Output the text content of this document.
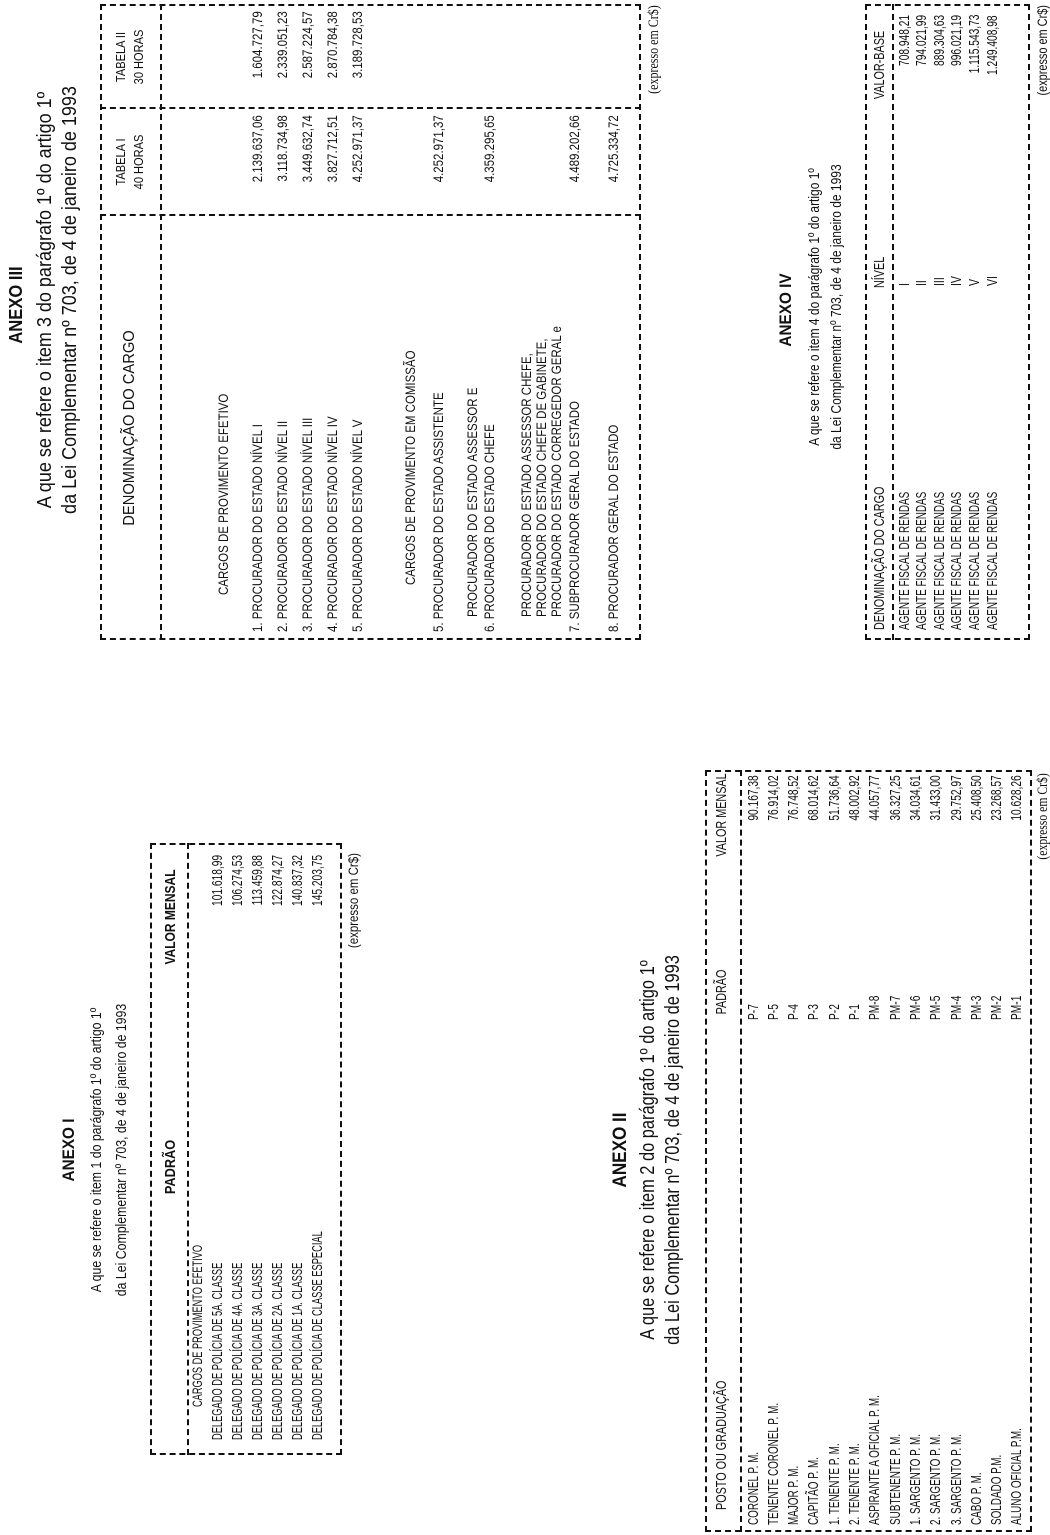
ANEXO I A que se refere o item 1 do parágrafo 1º do artigo 1º da Lei Complementar nº 703, de 4 de janeiro de 1993 PADRÃO
VALOR MENSAL
CARGOS DE PROVIMENTO EFETIVO DELEGADO DE POLÍCIA DE 5A. CLASSE
101.618,99
DELEGADO DE POLÍCIA DE 4A. CLASSE
106.274,53
DELEGADO DE POLÍCIA DE 3A. CLASSE
113.459,88
DELEGADO DE POLÍCIA DE 2A. CLASSE
122.874,27
DELEGADO DE POLÍCIA DE 1A. CLASSE
140.837,32
DELEGADO DE POLÍCIA DE CLASSE ESPECIAL
145.203,75 (expresso em Cr$)
ANEXO II A que se refere o item 2 do parágrafo 1º do artigo 1º da Lei Complementar nº 703, de 4 de janeiro de 1993
POSTO OU GRADUAÇÃO
PADRÃO
VALOR MENSAL
CORONEL P. M.
P-7
90.167,38
TENENTE CORONEL P. M.
P-5
76.914,02
MAJOR P. M.
P-4
76.748,52
CAPITÃO P. M.
P-3
68.014,62
1. TENENTE P. M.
P-2
51.736,64
2. TENENTE P. M.
P-1
48.002,92
ASPIRANTE A OFICIAL P. M.
PM-8
44.057,77
SUBTENENTE P. M.
PM-7
36.327,25
1. SARGENTO P. M.
PM-6
34.034,61
2. SARGENTO P. M.
PM-5
31.433,00
3. SARGENTO P. M.
PM-4
29.752,97
CABO P. M.
PM-3
25.408,50
SOLDADO P.M.
PM-2
23.268,57
ALUNO OFICIAL P.M.
PM-1
10.628,26 (expresso em Cr$)
ANEXO III A que se refere o item 3 do parágrafo 1º do artigo 1º da Lei Complementar nº 703, de 4 de janeiro de 1993	DENOMINAÇÃO DO CARGO
TABELA I 40 HORAS
TABELA II 30 HORAS
CARGOS DE PROVIMENTO EFETIVO 1. PROCURADOR DO ESTADO NÍVEL I
2.139.637,06
1.604.727,79
2. PROCURADOR DO ESTADO NÍVEL II
3.118.734,98
2.339.051,23
3. PROCURADOR DO ESTADO NÍVEL III
3.449.632,74
2.587.224,57
4. PROCURADOR DO ESTADO NÍVEL IV
3.827.712,51
2.870.784,38
5. PROCURADOR DO ESTADO NÍVEL V
4.252.971,37
3.189.728,53
CARGOS DE PROVIMENTO EM COMISSÃO 5. PROCURADOR DO ESTADO ASSISTENTE
4.252.971,37
PROCURADOR DO ESTADO ASSESSOR E 6. PROCURADOR DO ESTADO CHEFE
4.359.295,65
PROCURADOR DO ESTADO ASSESSOR CHEFE, PROCURADOR DO ESTADO CHEFE DE GABINETE, PROCURADOR DO ESTADO CORREGEDOR GERAL e 7. SUBPROCURADOR GERAL DO ESTADO
4.489.202,66
8. PROCURADOR GERAL DO ESTADO
4.725.334,72
(expresso em Cr$)
ANEXO IV A que se refere o item 4 do parágrafo 1º do artigo 1º da Lei Complementar nº 703, de 4 de janeiro de 1993
DENOMINAÇÃO DO CARGO
NÍVEL
VALOR-BASE
AGENTE FISCAL DE RENDAS
I
708.948,21
AGENTE FISCAL DE RENDAS
II
794.021,99
AGENTE FISCAL DE RENDAS
III
889.304,63
AGENTE FISCAL DE RENDAS
IV
996.021,19
AGENTE FISCAL DE RENDAS
V
1.115.543,73
AGENTE FISCAL DE RENDAS
VI
1.249.408,98 (expresso em Cr$)
